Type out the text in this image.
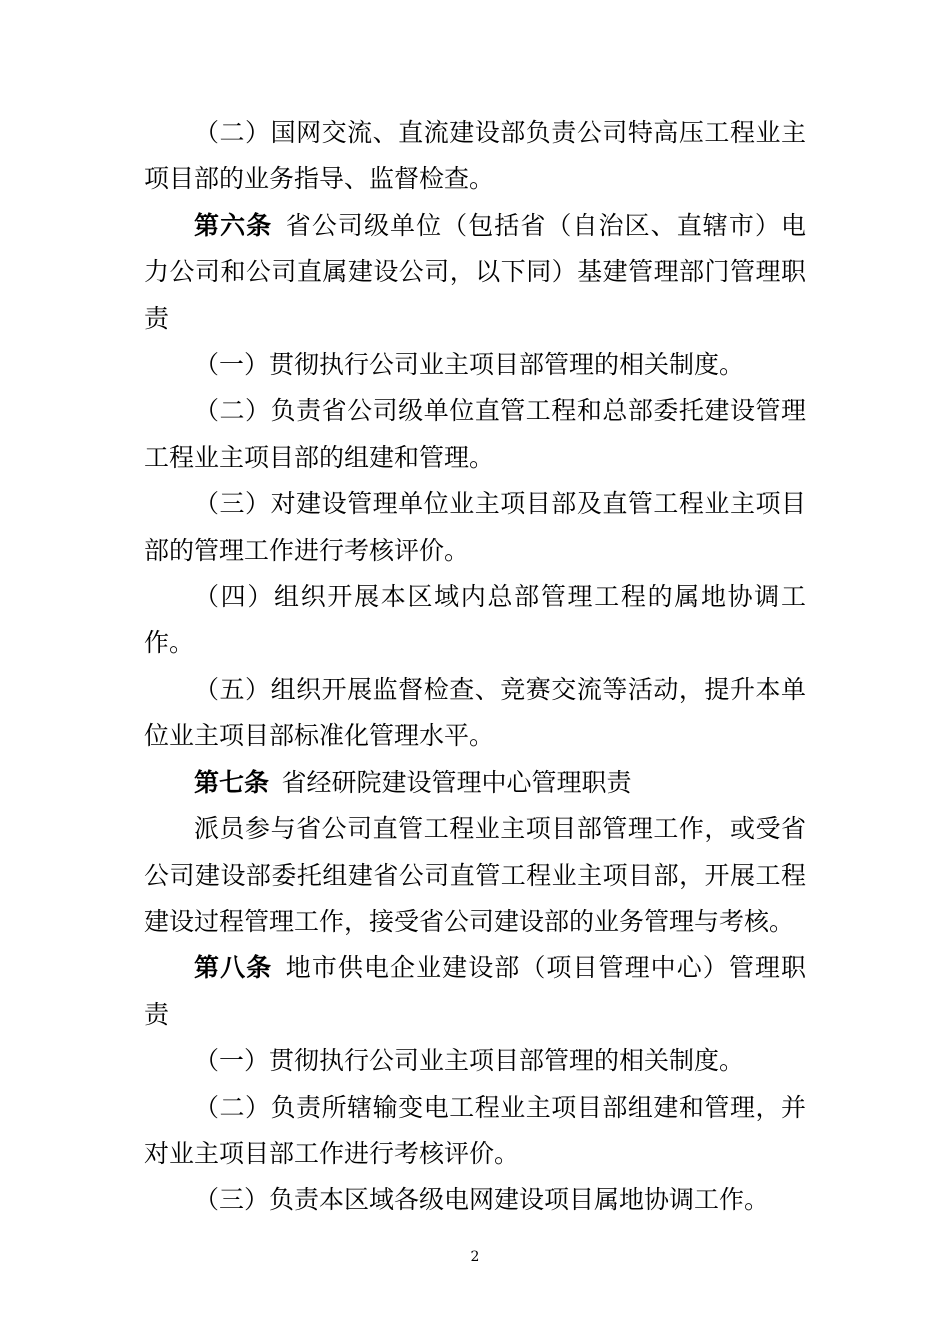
（二）国网交流、直流建设部负责公司特高压工程业主项目部的业务指导、监督检查。

第六条  省公司级单位（包括省（自治区、直辖市）电力公司和公司直属建设公司，以下同）基建管理部门管理职责

（一）贯彻执行公司业主项目部管理的相关制度。

（二）负责省公司级单位直管工程和总部委托建设管理工程业主项目部的组建和管理。

（三）对建设管理单位业主项目部及直管工程业主项目部的管理工作进行考核评价。

（四）组织开展本区域内总部管理工程的属地协调工作。

（五）组织开展监督检查、竞赛交流等活动，提升本单位业主项目部标准化管理水平。

第七条  省经研院建设管理中心管理职责

派员参与省公司直管工程业主项目部管理工作，或受省公司建设部委托组建省公司直管工程业主项目部，开展工程建设过程管理工作，接受省公司建设部的业务管理与考核。

第八条  地市供电企业建设部（项目管理中心）管理职责

（一）贯彻执行公司业主项目部管理的相关制度。

（二）负责所辖输变电工程业主项目部组建和管理，并对业主项目部工作进行考核评价。

（三）负责本区域各级电网建设项目属地协调工作。

2
